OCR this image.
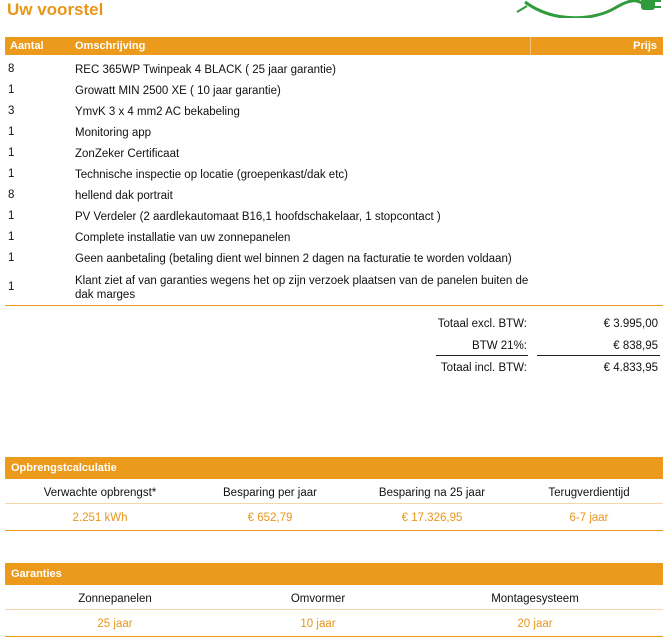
Uw voorstel
Aantal	Omschrijving	Prijs
8	REC 365WP Twinpeak 4 BLACK ( 25 jaar garantie)
1	Growatt MIN 2500 XE ( 10 jaar garantie)
3	YmvK 3 x 4 mm2 AC bekabeling
1	Monitoring app
1	ZonZeker Certificaat
1	Technische inspectie op locatie (groepenkast/dak etc)
8	hellend dak portrait
1	PV Verdeler (2 aardlekautomaat B16,1 hoofdschakelaar, 1 stopcontact )
1	Complete installatie van uw zonnepanelen
1	Geen aanbetaling (betaling dient wel binnen 2 dagen na facturatie te worden voldaan)
1	Klant ziet af van garanties wegens het op zijn verzoek plaatsen van de panelen buiten de dak marges
Totaal excl. BTW:	€ 3.995,00
BTW 21%:	€ 838,95
Totaal incl. BTW:	€ 4.833,95
Opbrengstcalculatie
Verwachte opbrengst*	Besparing per jaar	Besparing na 25 jaar	Terugverdientijd
2.251 kWh	€ 652,79	€ 17.326,95	6-7 jaar
Garanties
Zonnepanelen	Omvormer	Montagesysteem
25 jaar	10 jaar	20 jaar
